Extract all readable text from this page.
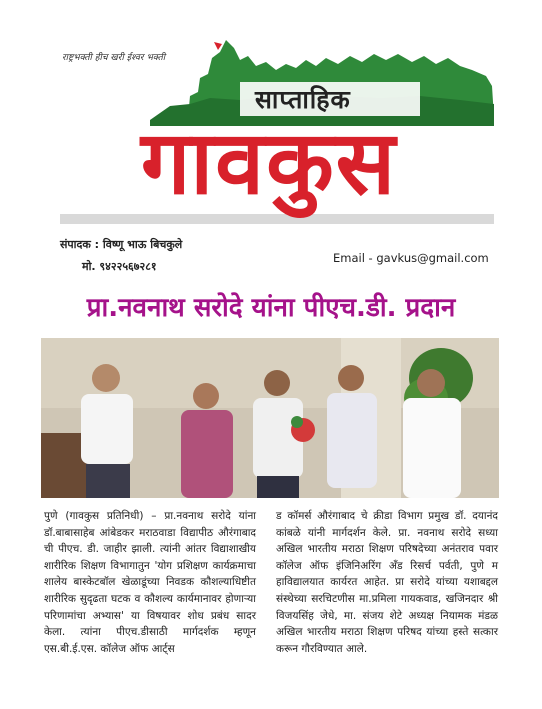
राष्ट्रभक्ती हीच खरी ईश्वर भक्ती
साप्ताहिक
गावकुस
संपादक : विष्णू भाऊ बिचकुले
मो. ९४२२५६७२८१
Email - gavkus@gmail.com
प्रा.नवनाथ सरोदे यांना पीएच.डी. प्रदान

पुणे (गावकुस प्रतिनिधी) – प्रा.नवनाथ सरोदे यांना डॉ.बाबासाहेब आंबेडकर मराठवाडा विद्यापीठ औरंगाबाद ची पीएच. डी. जाहीर झाली. त्यांनी आंतर विद्याशाखीय शारीरिक शिक्षण विभागातुन 'योग प्रशिक्षण कार्यक्रमाचा शालेय बास्केटबॉल खेळाडूंच्या निवडक कौशल्याधिष्टीत शारीरिक सुदृढता घटक व कौशल्य कार्यमानावर होणाऱ्या परिणामांचा अभ्यास' या विषयावर शोध प्रबंध सादर केला. त्यांना पीएच.डीसाठी मार्गदर्शक म्हणून एस.बी.ई.एस. कॉलेज ऑफ आर्ट्स

ड कॉमर्स औरंगाबाद चे क्रीडा विभाग प्रमुख डॉ. दयानंद कांबळे यांनी मार्गदर्शन केले. प्रा. नवनाथ सरोदे सध्या अखिल भारतीय मराठा शिक्षण परिषदेच्या अनंतराव पवार कॉलेज ऑफ इंजिनिअरिंग अँड रिसर्च पर्वती, पुणे म हाविद्यालयात कार्यरत आहेत. प्रा सरोदे यांच्या यशाबद्दल संस्थेच्या सरचिटणीस मा.प्रमिला गायकवाड, खजिनदार श्री विजयसिंह जेधे, मा. संजय शेटे अध्यक्ष नियामक मंडळ अखिल भारतीय मराठा शिक्षण परिषद यांच्या हस्ते सत्कार करून गौरविण्यात आले.
